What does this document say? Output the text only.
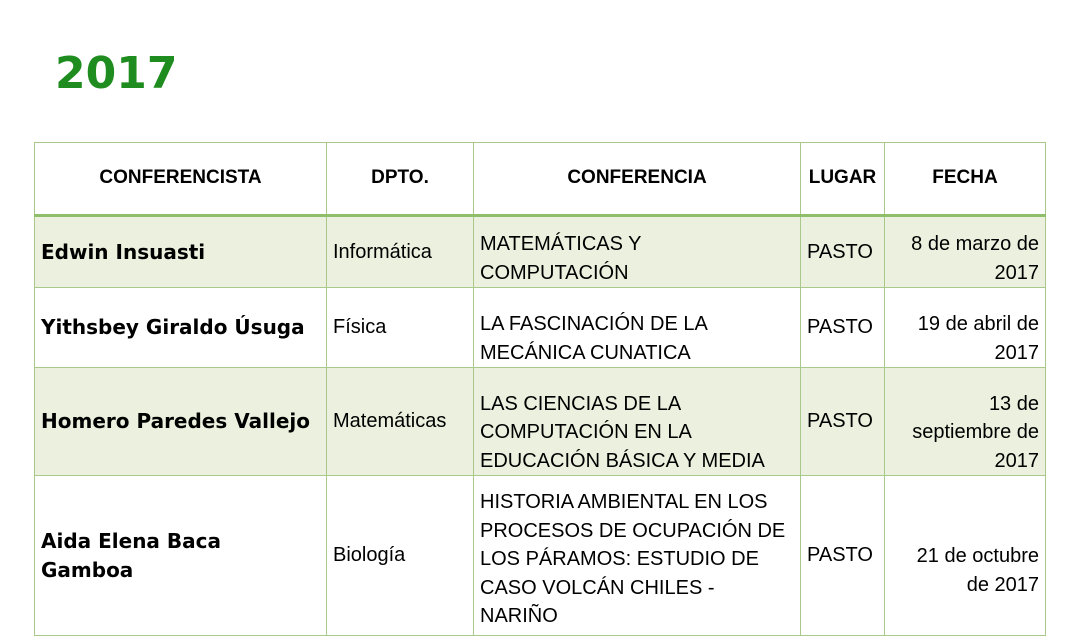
2017
CONFERENCISTA	DPTO.	CONFERENCIA	LUGAR	FECHA
Edwin Insuasti	Informática	MATEMÁTICAS Y COMPUTACIÓN	PASTO	8 de marzo de 2017
Yithsbey Giraldo Úsuga	Física	LA FASCINACIÓN DE LA MECÁNICA CUNATICA	PASTO	19 de abril de 2017
Homero Paredes Vallejo	Matemáticas	LAS CIENCIAS DE LA COMPUTACIÓN EN LA EDUCACIÓN BÁSICA Y MEDIA	PASTO	13 de septiembre de 2017
Aida Elena Baca Gamboa	Biología	HISTORIA AMBIENTAL EN LOS PROCESOS DE OCUPACIÓN DE LOS PÁRAMOS: ESTUDIO DE CASO VOLCÁN CHILES - NARIÑO	PASTO	21 de octubre de 2017
